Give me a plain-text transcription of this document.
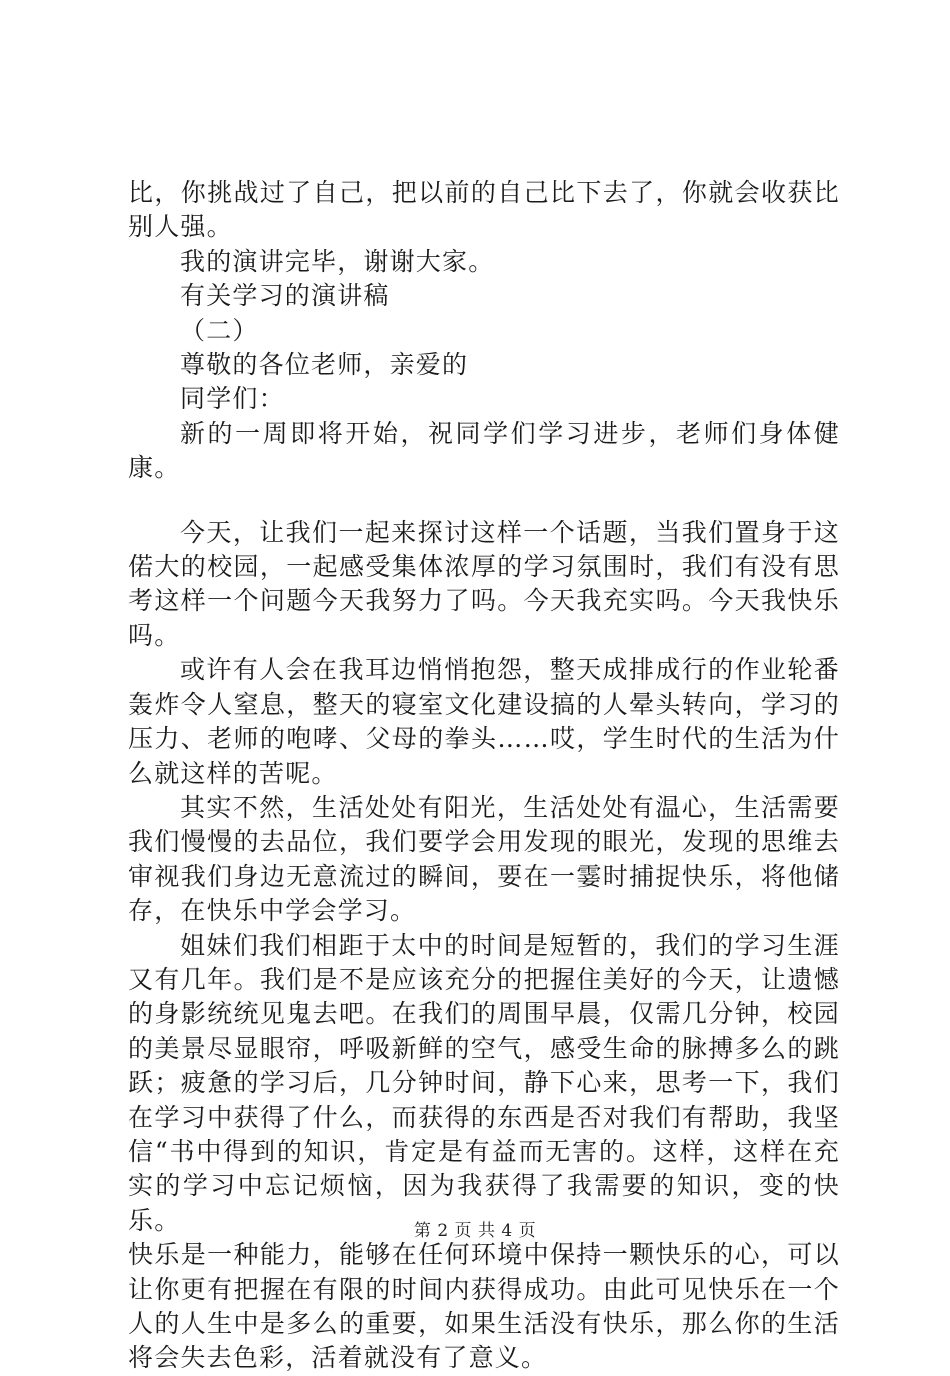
比，你挑战过了自己，把以前的自己比下去了，你就会收获比别人强。

我的演讲完毕，谢谢大家。

有关学习的演讲稿

（二）

尊敬的各位老师，亲爱的

同学们：

新的一周即将开始，祝同学们学习进步，老师们身体健康。

今天，让我们一起来探讨这样一个话题，当我们置身于这偌大的校园，一起感受集体浓厚的学习氛围时，我们有没有思考这样一个问题今天我努力了吗。今天我充实吗。今天我快乐吗。

或许有人会在我耳边悄悄抱怨，整天成排成行的作业轮番轰炸令人窒息，整天的寝室文化建设搞的人晕头转向，学习的压力、老师的咆哮、父母的拳头……哎，学生时代的生活为什么就这样的苦呢。

其实不然，生活处处有阳光，生活处处有温心，生活需要我们慢慢的去品位，我们要学会用发现的眼光，发现的思维去审视我们身边无意流过的瞬间，要在一霎时捕捉快乐，将他储存，在快乐中学会学习。

姐妹们我们相距于太中的时间是短暂的，我们的学习生涯又有几年。我们是不是应该充分的把握住美好的今天，让遗憾的身影统统见鬼去吧。在我们的周围早晨，仅需几分钟，校园的美景尽显眼帘，呼吸新鲜的空气，感受生命的脉搏多么的跳跃；疲惫的学习后，几分钟时间，静下心来，思考一下，我们在学习中获得了什么，而获得的东西是否对我们有帮助，我坚信“书中得到的知识，肯定是有益而无害的。这样，这样在充实的学习中忘记烦恼，因为我获得了我需要的知识，变的快乐。

快乐是一种能力，能够在任何环境中保持一颗快乐的心，可以让你更有把握在有限的时间内获得成功。由此可见快乐在一个人的人生中是多么的重要，如果生活没有快乐，那么你的生活将会失去色彩，活着就没有了意义。

第 2 页 共 4 页
